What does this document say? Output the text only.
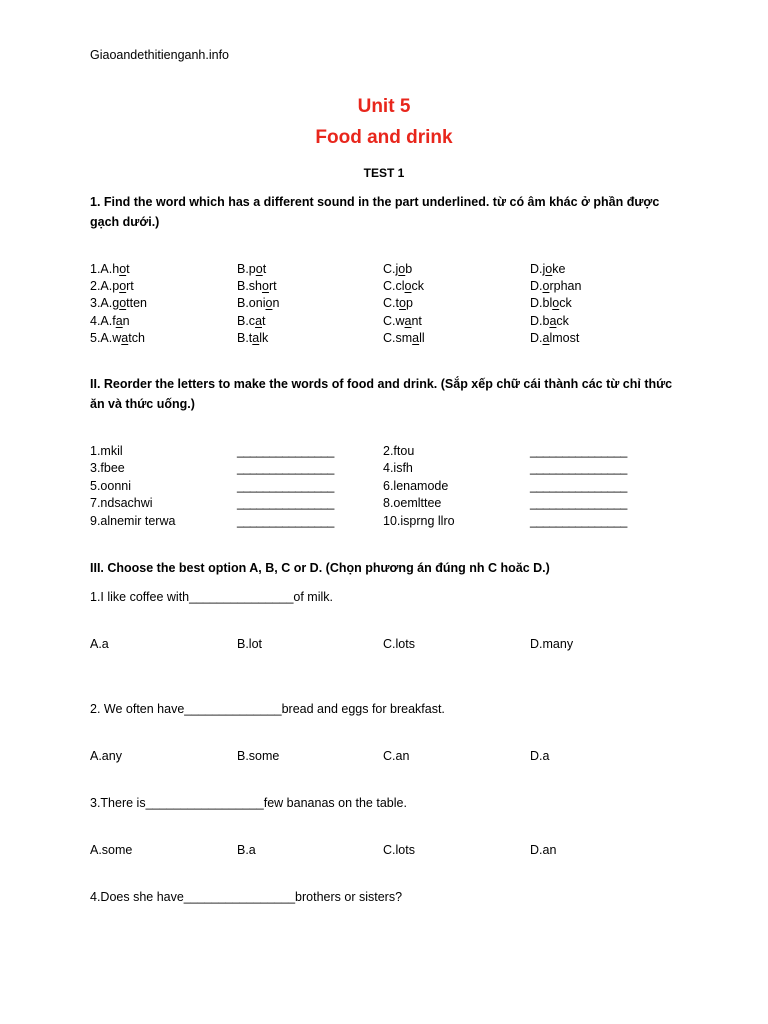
Giaoandethitienganh.info
Unit 5
Food and drink
TEST 1
1. Find the word which has a different sound in the part underlined. từ có âm khác ở phần được gạch dưới.)
1.A.hot	B.pot	C.job	D.joke
2.A.port	B.short	C.clock	D.orphan
3.A.gotten	B.onion	C.top	D.block
4.A.fan	B.cat	C.want	D.back
5.A.watch	B.talk	C.small	D.almost
II. Reorder the letters to make the words of food and drink. (Sắp xếp chữ cái thành các từ chỉ thức ăn và thức uống.)
1.mkil	_______________	2.ftou	_______________
3.fbee	_______________	4.isfh	_______________
5.oonni	_______________	6.lenamode	_______________
7.ndsachwi	_______________	8.oemlttee	_______________
9.alnemir terwa	_______________	10.isprng llro	_______________
III. Choose the best option A, B, C or D. (Chọn phương án đúng nh C hoăc D.)
1.I like coffee with_______________of milk.
A.a	B.lot	C.lots	D.many
2. We often have______________bread and eggs for breakfast.
A.any	B.some	C.an	D.a
3.There is_________________few bananas on the table.
A.some	B.a	C.lots	D.an
4.Does she have________________brothers or sisters?
